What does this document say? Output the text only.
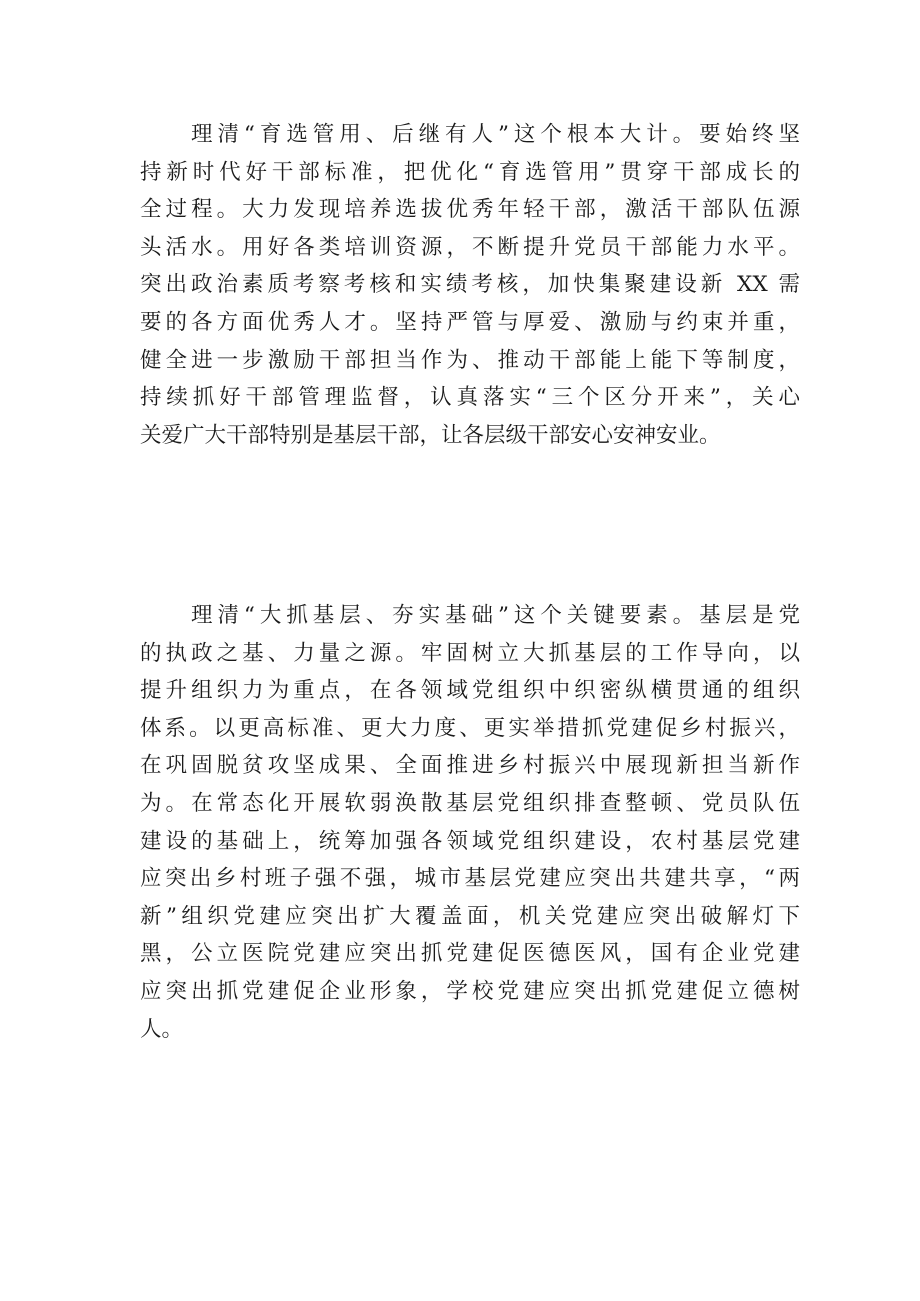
理清“育选管用、后继有人”这个根本大计。要始终坚
持新时代好干部标准，把优化“育选管用”贯穿干部成长的
全过程。大力发现培养选拔优秀年轻干部，激活干部队伍源
头活水。用好各类培训资源，不断提升党员干部能力水平。
突出政治素质考察考核和实绩考核，加快集聚建设新 XX 需
要的各方面优秀人才。坚持严管与厚爱、激励与约束并重，
健全进一步激励干部担当作为、推动干部能上能下等制度，
持续抓好干部管理监督，认真落实“三个区分开来”，关心
关爱广大干部特别是基层干部，让各层级干部安心安神安业。
理清“大抓基层、夯实基础”这个关键要素。基层是党
的执政之基、力量之源。牢固树立大抓基层的工作导向，以
提升组织力为重点，在各领域党组织中织密纵横贯通的组织
体系。以更高标准、更大力度、更实举措抓党建促乡村振兴，
在巩固脱贫攻坚成果、全面推进乡村振兴中展现新担当新作
为。在常态化开展软弱涣散基层党组织排查整顿、党员队伍
建设的基础上，统筹加强各领域党组织建设，农村基层党建
应突出乡村班子强不强，城市基层党建应突出共建共享，“两
新”组织党建应突出扩大覆盖面，机关党建应突出破解灯下
黑，公立医院党建应突出抓党建促医德医风，国有企业党建
应突出抓党建促企业形象，学校党建应突出抓党建促立德树
人。
